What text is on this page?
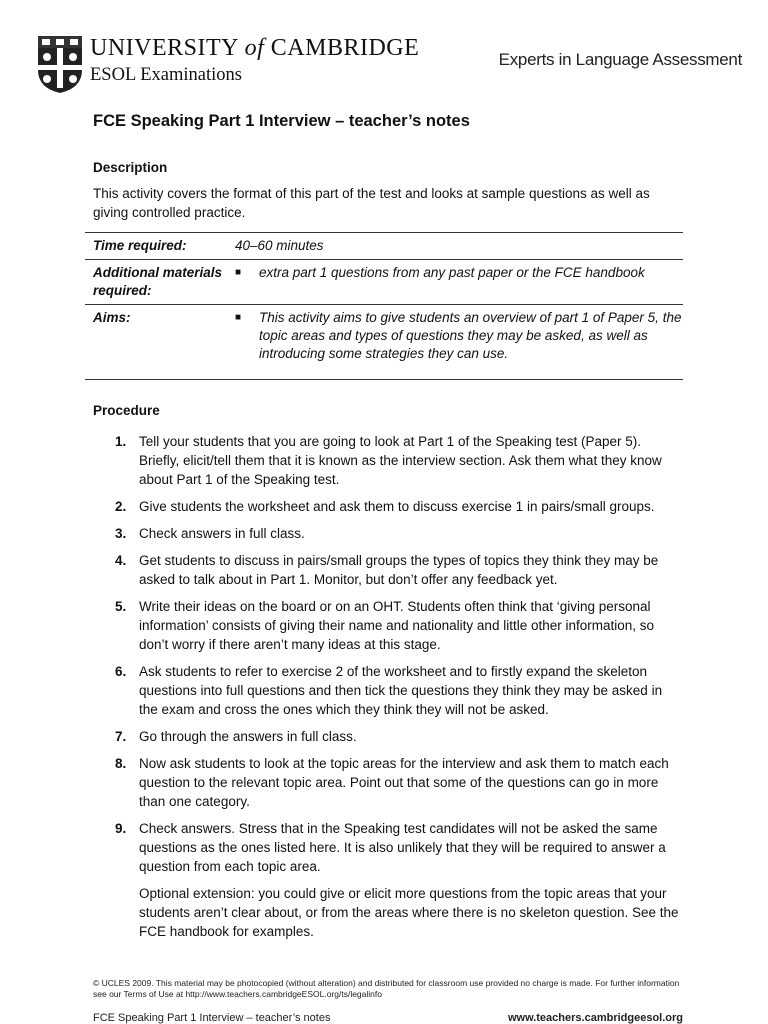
UNIVERSITY of CAMBRIDGE
ESOL Examinations
Experts in Language Assessment
FCE Speaking Part 1 Interview – teacher’s notes
Description
This activity covers the format of this part of the test and looks at sample questions as well as giving controlled practice.
Time required:	40–60 minutes
Additional materials required:	■ extra part 1 questions from any past paper or the FCE handbook

Aims:	■ This activity aims to give students an overview of part 1 of Paper 5, the topic areas and types of questions they may be asked, as well as introducing some strategies they can use.
Procedure
1. Tell your students that you are going to look at Part 1 of the Speaking test (Paper 5). Briefly, elicit/tell them that it is known as the interview section. Ask them what they know about Part 1 of the Speaking test.
2. Give students the worksheet and ask them to discuss exercise 1 in pairs/small groups.
3. Check answers in full class.
4. Get students to discuss in pairs/small groups the types of topics they think they may be asked to talk about in Part 1. Monitor, but don’t offer any feedback yet.
5. Write their ideas on the board or on an OHT. Students often think that ‘giving personal information’ consists of giving their name and nationality and little other information, so don’t worry if there aren’t many ideas at this stage.
6. Ask students to refer to exercise 2 of the worksheet and to firstly expand the skeleton questions into full questions and then tick the questions they think they may be asked in the exam and cross the ones which they think they will not be asked.
7. Go through the answers in full class.
8. Now ask students to look at the topic areas for the interview and ask them to match each question to the relevant topic area. Point out that some of the questions can go in more than one category.
9. Check answers. Stress that in the Speaking test candidates will not be asked the same questions as the ones listed here. It is also unlikely that they will be required to answer a question from each topic area.
Optional extension: you could give or elicit more questions from the topic areas that your students aren’t clear about, or from the areas where there is no skeleton question. See the FCE handbook for examples.
© UCLES 2009. This material may be photocopied (without alteration) and distributed for classroom use provided no charge is made. For further information see our Terms of Use at http://www.teachers.cambridgeESOL.org/ts/legalinfo
FCE Speaking Part 1 Interview – teacher’s notes	www.teachers.cambridgeesol.org
